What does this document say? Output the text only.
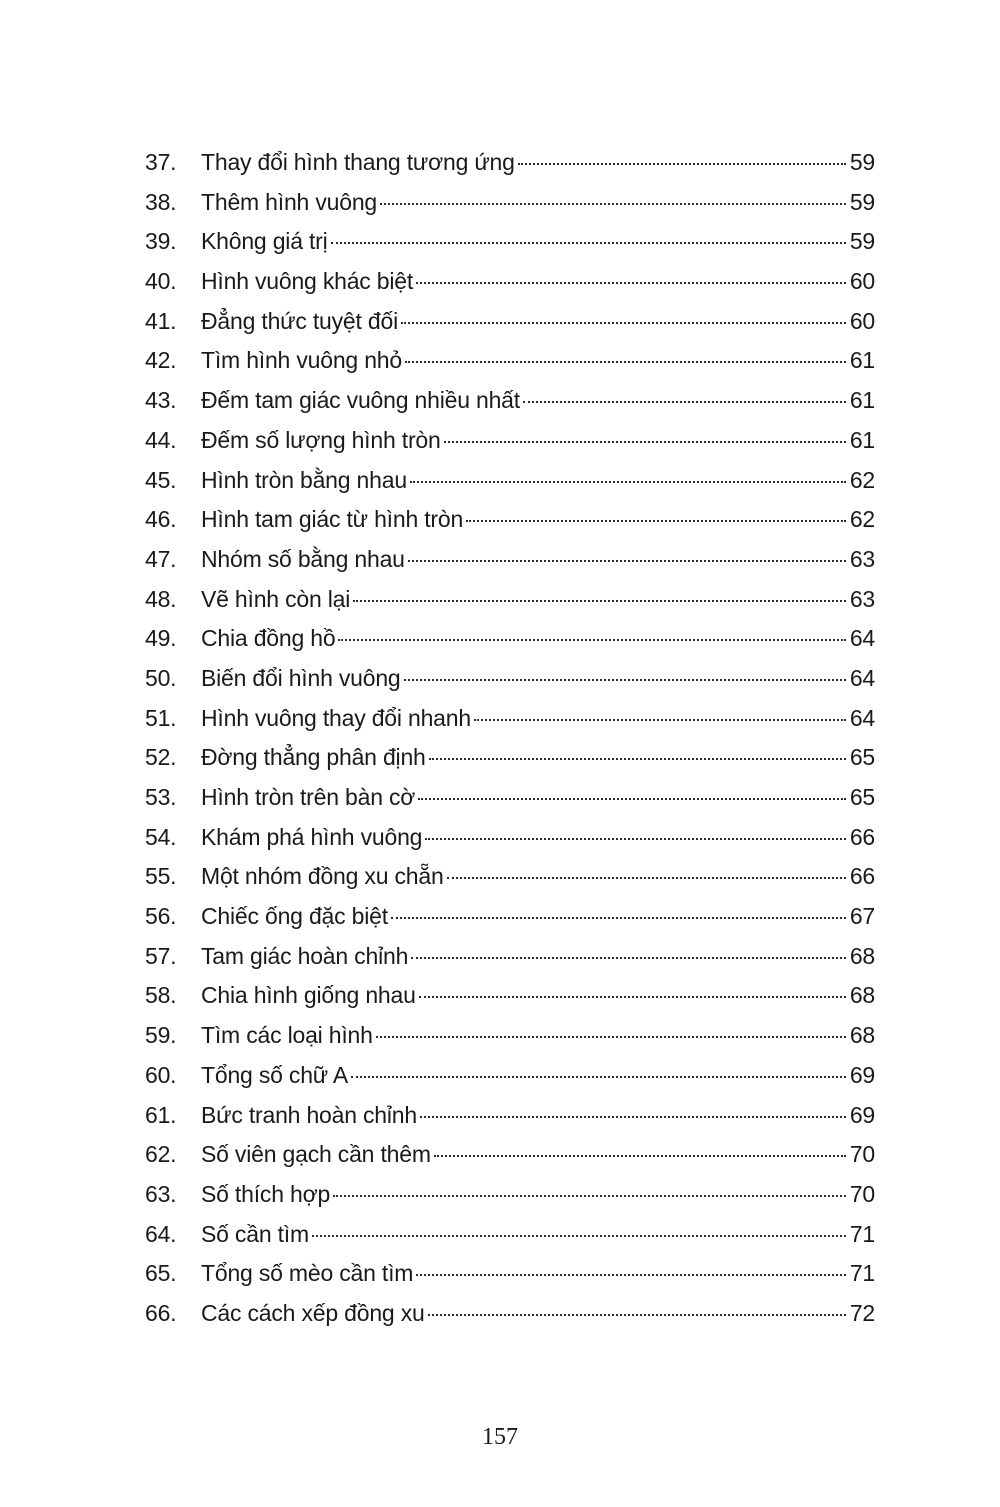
37.	Thay đổi hình thang tương ứng	59
38.	Thêm hình vuông	59
39.	Không giá trị	59
40.	Hình vuông khác biệt	60
41.	Đẳng thức tuyệt đối	60
42.	Tìm hình vuông nhỏ	61
43.	Đếm tam giác vuông nhiều nhất	61
44.	Đếm số lượng hình tròn	61
45.	Hình tròn bằng nhau	62
46.	Hình tam giác từ hình tròn	62
47.	Nhóm số bằng nhau	63
48.	Vẽ hình còn lại	63
49.	Chia đồng hồ	64
50.	Biến đổi hình vuông	64
51.	Hình vuông thay đổi nhanh	64
52.	Đờng thẳng phân định	65
53.	Hình tròn trên bàn cờ	65
54.	Khám phá hình vuông	66
55.	Một nhóm đồng xu chẵn	66
56.	Chiếc ống đặc biệt	67
57.	Tam giác hoàn chỉnh	68
58.	Chia hình giống nhau	68
59.	Tìm các loại hình	68
60.	Tổng số chữ A	69
61.	Bức tranh hoàn chỉnh	69
62.	Số viên gạch cần thêm	70
63.	Số thích hợp	70
64.	Số cần tìm	71
65.	Tổng số mèo cần tìm	71
66.	Các cách xếp đồng xu	72
157
